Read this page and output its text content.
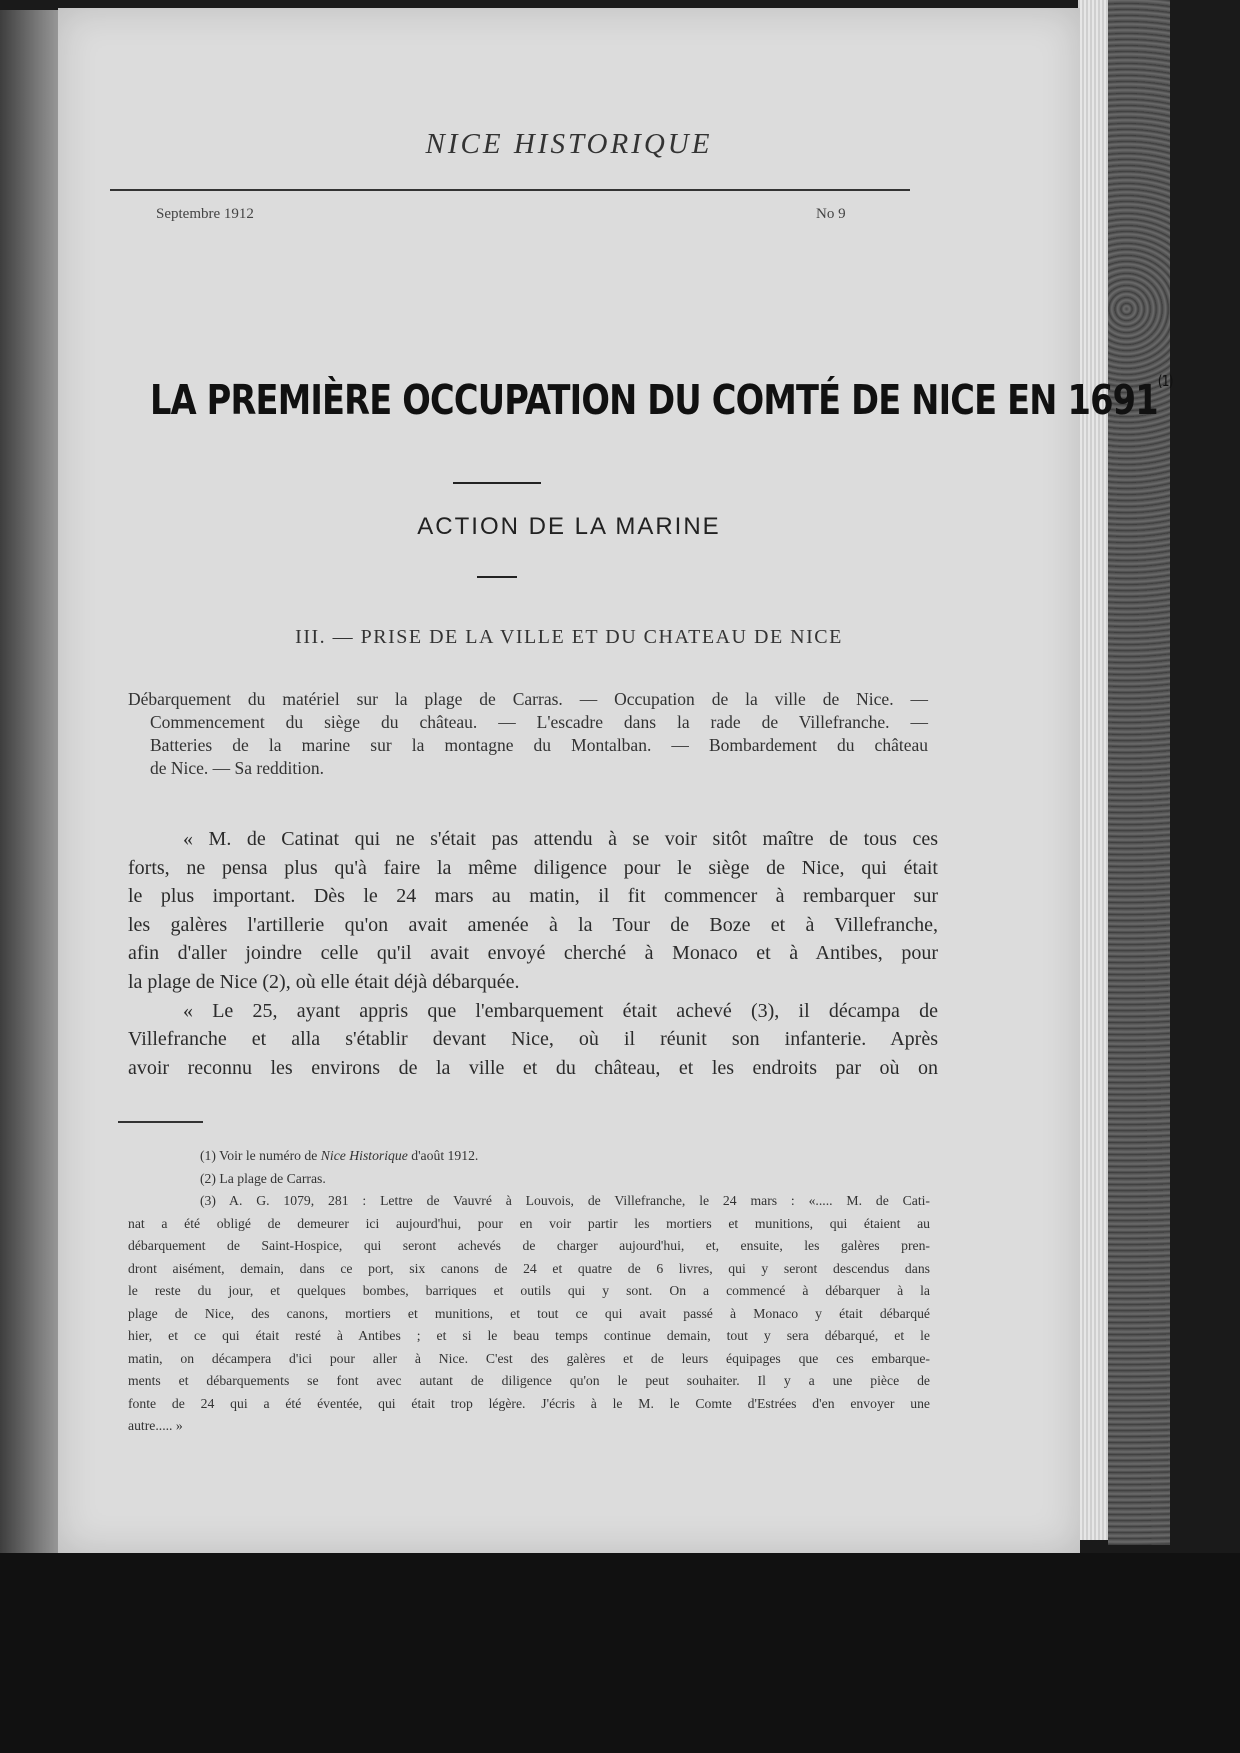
NICE HISTORIQUE
Septembre 1912	No 9
LA PREMIÈRE OCCUPATION DU COMTÉ DE NICE EN 1691$^{(1)}$
ACTION DE LA MARINE
III. — PRISE DE LA VILLE ET DU CHATEAU DE NICE
Débarquement du matériel sur la plage de Carras. — Occupation de la ville de Nice. —
Commencement du siège du château. — L'escadre dans la rade de Villefranche. —
Batteries de la marine sur la montagne du Montalban. — Bombardement du château
de Nice. — Sa reddition.
« M. de Catinat qui ne s'était pas attendu à se voir sitôt maître de tous ces
forts, ne pensa plus qu'à faire la même diligence pour le siège de Nice, qui était
le plus important. Dès le 24 mars au matin, il fit commencer à rembarquer sur
les galères l'artillerie qu'on avait amenée à la Tour de Boze et à Villefranche,
afin d'aller joindre celle qu'il avait envoyé cherché à Monaco et à Antibes, pour
la plage de Nice (2), où elle était déjà débarquée.
« Le 25, ayant appris que l'embarquement était achevé (3), il décampa de
Villefranche et alla s'établir devant Nice, où il réunit son infanterie. Après
avoir reconnu les environs de la ville et du château, et les endroits par où on
(1) Voir le numéro de Nice Historique d'août 1912.
(2) La plage de Carras.
(3) A. G. 1079, 281 : Lettre de Vauvré à Louvois, de Villefranche, le 24 mars : «..... M. de Cati-
nat a été obligé de demeurer ici aujourd'hui, pour en voir partir les mortiers et munitions, qui étaient au
débarquement de Saint-Hospice, qui seront achevés de charger aujourd'hui, et, ensuite, les galères pren-
dront aisément, demain, dans ce port, six canons de 24 et quatre de 6 livres, qui y seront descendus dans
le reste du jour, et quelques bombes, barriques et outils qui y sont. On a commencé à débarquer à la
plage de Nice, des canons, mortiers et munitions, et tout ce qui avait passé à Monaco y était débarqué
hier, et ce qui était resté à Antibes ; et si le beau temps continue demain, tout y sera débarqué, et le
matin, on décampera d'ici pour aller à Nice. C'est des galères et de leurs équipages que ces embarque-
ments et débarquements se font avec autant de diligence qu'on le peut souhaiter. Il y a une pièce de
fonte de 24 qui a été éventée, qui était trop légère. J'écris à le M. le Comte d'Estrées d'en envoyer une
autre..... »
